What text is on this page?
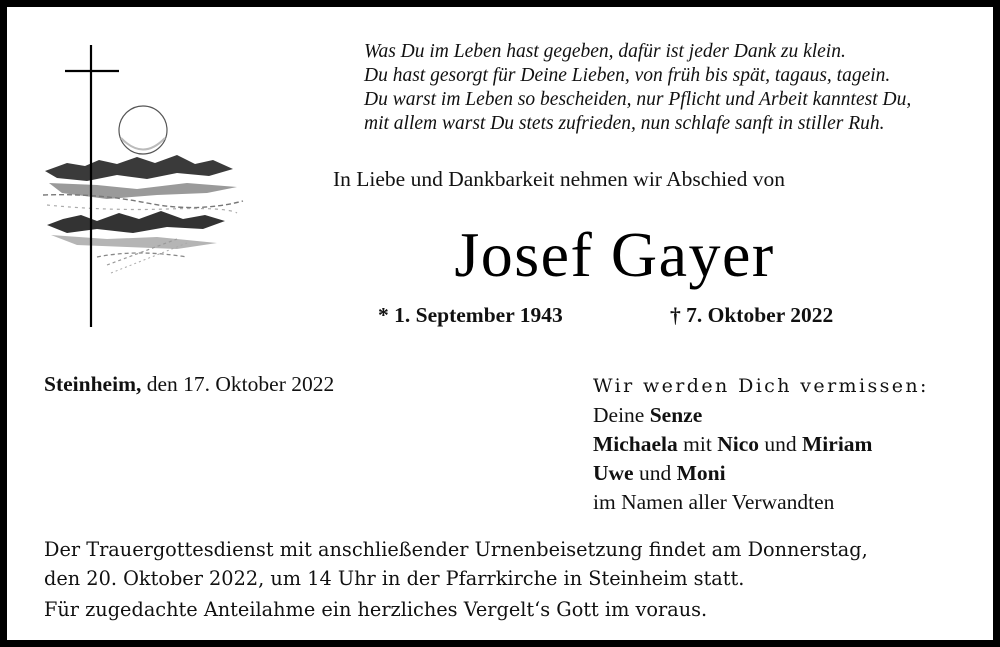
Was Du im Leben hast gegeben, dafür ist jeder Dank zu klein.
Du hast gesorgt für Deine Lieben, von früh bis spät, tagaus, tagein.
Du warst im Leben so bescheiden, nur Pflicht und Arbeit kanntest Du,
mit allem warst Du stets zufrieden, nun schlafe sanft in stiller Ruh.
In Liebe und Dankbarkeit nehmen wir Abschied von
Josef Gayer
* 1. September 1943	† 7. Oktober 2022
Steinheim, den 17. Oktober 2022	Wir werden Dich vermissen:
Deine Senze
Michaela mit Nico und Miriam
Uwe und Moni
im Namen aller Verwandten
Der Trauergottesdienst mit anschließender Urnenbeisetzung findet am Donnerstag,
den 20. Oktober 2022, um 14 Uhr in der Pfarrkirche in Steinheim statt.
Für zugedachte Anteilahme ein herzliches Vergelt‘s Gott im voraus.
